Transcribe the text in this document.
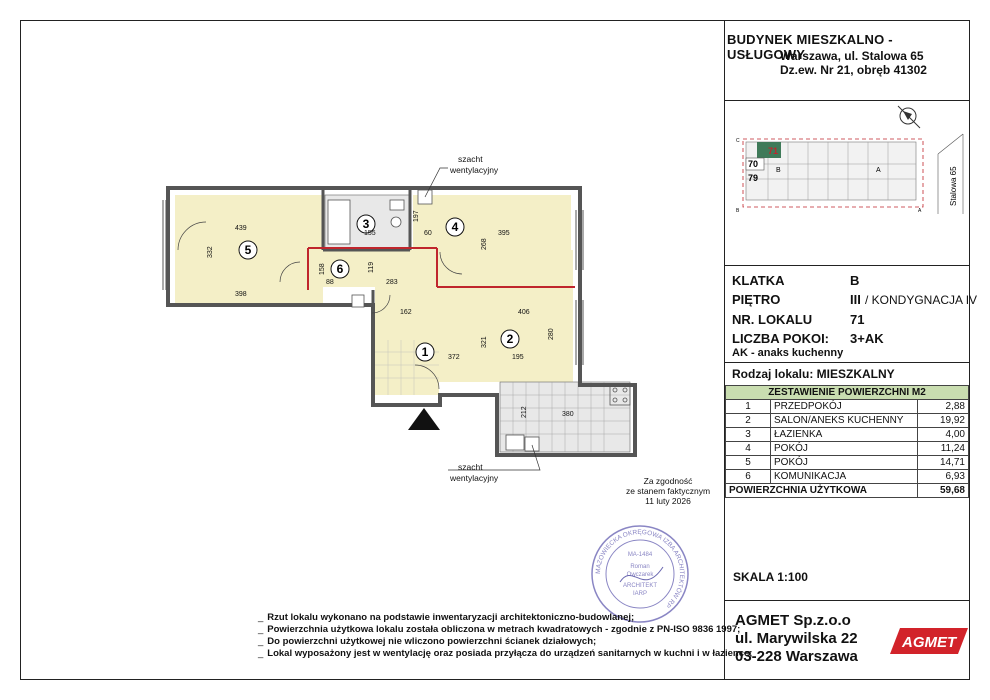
BUDYNEK MIESZKALNO - USŁUGOWY
Warszawa, ul. Stalowa 65
Dz.ew. Nr 21, obręb 41302
71
70
79
B	A
C
B	A
Stalowa 65
KLATKA	B
PIĘTRO	III / KONDYGNACJA IV
NR. LOKALU	71
LICZBA POKOI: 3+AK
AK - anaks kuchenny
Rodzaj lokalu: MIESZKALNY
ZESTAWIENIE POWIERZCHNI M2		
1	PRZEDPOKÓJ	2,88
2	SALON/ANEKS KUCHENNY	19,92
3	ŁAZIENKA	4,00
4	POKÓJ	11,24
5	POKÓJ	14,71
6	KOMUNIKACJA	6,93
POWIERZCHNIA UŻYTKOWA		59,68
SKALA 1:100
AGMET Sp.z.o.o
ul. Marywilska 22
03-228 Warszawa
AGMET
Za zgodność
ze stanem faktycznym
11 luty 2026
MAZOWIECKA OKRĘGOWA IZBA ARCHITEKTÓW RP
MA-1484
Roman
Owczarek
ARCHITEKT
IARP
_ Rzut lokalu wykonano na podstawie inwentaryzacji architektoniczno-budowlanej;
_ Powierzchnia użytkowa lokalu została obliczona w metrach kwadratowych - zgodnie z PN-ISO 9836 1997;
_ Do powierzchni użytkowej nie wliczono powierzchni ścianek działowych;
_ Lokal wyposażony jest w wentylację oraz posiada przyłącza do urządzeń sanitarnych w kuchni i w łazience;
5
3	4
6
2
1
439
332
398
155	60
268
395
158
88
119
283
162	406
321
280
372	195
212	380
197
szacht
wentylacyjny
szacht
wentylacyjny
